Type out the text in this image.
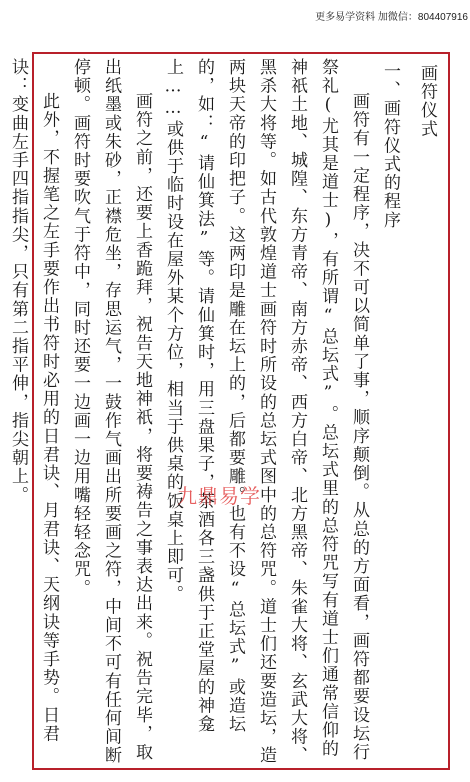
更多易学资料 加微信：804407916

画符仪式

一、画符仪式的程序

画符有一定程序，决不可以简单了事，顺序颠倒。从总的方面看，画符都要设坛行祭礼(尤其是道士)，有所谓“总坛式”。总坛式里的总符咒写有道士们通常信仰的神祇土地、城隍、东方青帝、南方赤帝、西方白帝、北方黑帝、朱雀大将、玄武大将、黑杀大将等。如古代敦煌道士画符时所设的总坛式图中的总符咒。道士们还要造坛，造两块天帝的印把子。这两印是雕在坛上的，后都要雕。也有不设“总坛式”或造坛的，如：“请仙箕法”等。请仙箕时，用三盘果子，茶酒各三盏供于正堂屋的神龛上……或供于临时设在屋外某个方位，相当于供桌的饭桌上即可。

画符之前，还要上香跪拜，祝告天地神祇，将要祷告之事表达出来。祝告完毕，取出纸墨或朱砂，正襟危坐，存思运气，一鼓作气画出所要画之符，中间不可有任何间断停顿。画符时要吹气于符中，同时还要一边画一边用嘴轻轻念咒。

此外，不握笔之左手要作出书符时必用的日君诀、月君诀、天纲诀等手势。日君诀：变曲左手四指指尖，只有第二指平伸，指尖朝上。	九鼎易学
